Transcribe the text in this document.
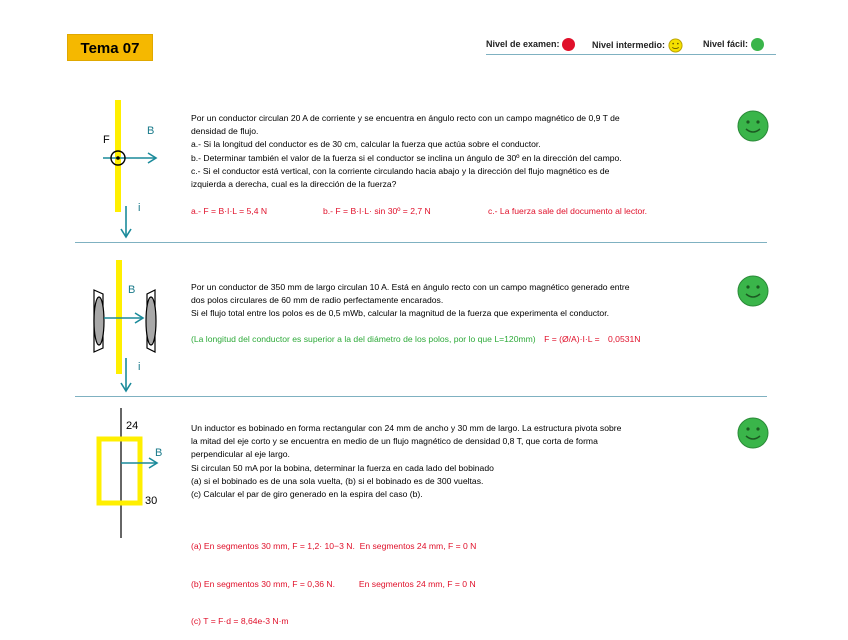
Tema 07	Nivel de examen:	Nivel intermedio:	Nivel fácil:
F
B
i
Por un conductor circulan 20 A de corriente y se encuentra en ángulo recto con un campo magnético de 0,9 T de
densidad de flujo.
a.- Si la longitud del conductor es de 30 cm, calcular la fuerza que actúa sobre el conductor.
b.- Determinar también el valor de la fuerza si el conductor se inclina un ángulo de 30º en la dirección del campo.
c.- Si el conductor está vertical, con la corriente circulando hacia abajo y la dirección del flujo magnético es de
izquierda a derecha, cual es la dirección de la fuerza?
a.- F = B·I·L = 5,4 N	b.- F = B·I·L· sin 30º = 2,7 N	c.- La fuerza sale del documento al lector.
B
i
Por un conductor de 350 mm de largo circulan 10 A. Está en ángulo recto con un campo magnético generado entre
dos polos circulares de 60 mm de radio perfectamente encarados.
Si el flujo total entre los polos es de 0,5 mWb, calcular la magnitud de la fuerza que experimenta el conductor.
(La longitud del conductor es superior a la del diámetro de los polos, por lo que L=120mm) F = (Ø/A)·I·L = 0,0531N
24
B
30
Un inductor es bobinado en forma rectangular con 24 mm de ancho y 30 mm de largo. La estructura pivota sobre
la mitad del eje corto y se encuentra en medio de un flujo magnético de densidad 0,8 T, que corta de forma
perpendicular al eje largo.
Si circulan 50 mA por la bobina, determinar la fuerza en cada lado del bobinado
(a) si el bobinado es de una sola vuelta, (b) si el bobinado es de 300 vueltas.
(c) Calcular el par de giro generado en la espira del caso (b).

(a) En segmentos 30 mm, F = 1,2· 10−3 N.  En segmentos 24 mm, F = 0 N

(b) En segmentos 30 mm, F = 0,36 N.          En segmentos 24 mm, F = 0 N

(c) T = F·d = 8,64e-3 N·m
